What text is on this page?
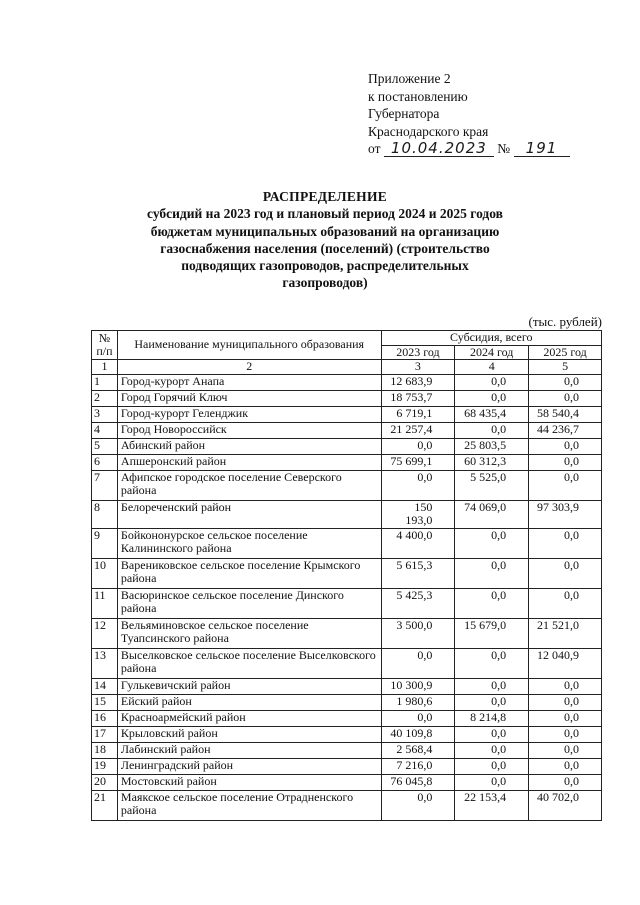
Приложение 2
к постановлению
Губернатора
Краснодарского края
от 10.04.2023 № 191
РАСПРЕДЕЛЕНИЕ
субсидий на 2023 год и плановый период 2024 и 2025 годов
бюджетам муниципальных образований на организацию
газоснабжения населения (поселений) (строительство
подводящих газопроводов, распределительных
газопроводов)
(тыс. рублей)
№ п/п	Наименование муниципального образования	Субсидия, всего		
		2023 год	2024 год	2025 год
1	2	3	4	5
1	Город-курорт Анапа	12 683,9	0,0	0,0
2	Город Горячий Ключ	18 753,7	0,0	0,0
3	Город-курорт Геленджик	6 719,1	68 435,4	58 540,4
4	Город Новороссийск	21 257,4	0,0	44 236,7
5	Абинский район	0,0	25 803,5	0,0
6	Апшеронский район	75 699,1	60 312,3	0,0
7	Афипское городское поселение Северского района	0,0	5 525,0	0,0
8	Белореченский район	150 193,0	74 069,0	97 303,9
9	Бойкононурское сельское поселение Калининского района	4 400,0	0,0	0,0
10	Варениковское сельское поселение Крымского района	5 615,3	0,0	0,0
11	Васюринское сельское поселение Динского района	5 425,3	0,0	0,0
12	Вельяминовское сельское поселение Туапсинского района	3 500,0	15 679,0	21 521,0
13	Выселковское сельское поселение Выселковского района	0,0	0,0	12 040,9
14	Гулькевичский район	10 300,9	0,0	0,0
15	Ейский район	1 980,6	0,0	0,0
16	Красноармейский район	0,0	8 214,8	0,0
17	Крыловский район	40 109,8	0,0	0,0
18	Лабинский район	2 568,4	0,0	0,0
19	Ленинградский район	7 216,0	0,0	0,0
20	Мостовский район	76 045,8	0,0	0,0
21	Маякское сельское поселение Отрадненского района	0,0	22 153,4	40 702,0
